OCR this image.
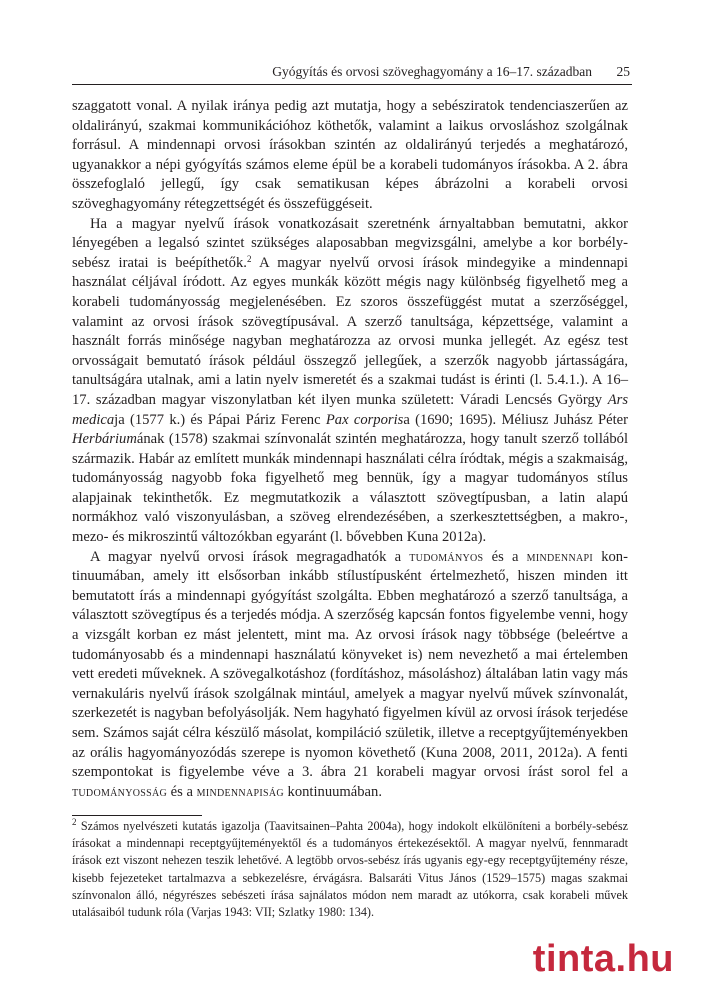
Gyógyítás és orvosi szöveghagyomány a 16–17. században 25

szaggatott vonal. A nyilak iránya pedig azt mutatja, hogy a sebésziratok tendenciaszerűen az oldalirányú, szakmai kommunikációhoz köthetők, valamint a laikus orvosláshoz szolgálnak forrásul. A mindennapi orvosi írásokban szintén az oldalirányú terjedés a meghatározó, ugyanakkor a népi gyógyítás számos eleme épül be a korabeli tudományos írásokba. A 2. ábra összefoglaló jellegű, így csak sematikusan képes ábrázolni a korabeli orvosi szöveghagyomány rétegzettségét és összefüggéseit.

Ha a magyar nyelvű írások vonatkozásait szeretnénk árnyaltabban bemutatni, akkor lényegében a legalsó szintet szükséges alaposabban megvizsgálni, amelybe a kor borbély-sebész iratai is beépíthetők.$^2$ A magyar nyelvű orvosi írások mindegyike a mindennapi használat céljával íródott. Az egyes munkák között mégis nagy különbség figyelhető meg a korabeli tudományosság megjelenésében. Ez szoros összefüggést mutat a szerzőséggel, valamint az orvosi írások szövegtípusával. A szerző tanultsága, képzettsége, valamint a használt forrás minősége nagyban meghatározza az orvosi munka jellegét. Az egész test orvosságait bemutató írások például összegző jellegűek, a szerzők nagyobb jártasságára, tanultságára utalnak, ami a latin nyelv ismeretét és a szakmai tudást is érinti (l. 5.4.1.). A 16–17. században magyar viszonylatban két ilyen munka született: Váradi Lencsés György Ars medicaja (1577 k.) és Pápai Páriz Ferenc Pax corporisa (1690; 1695). Méliusz Juhász Péter Herbáriumának (1578) szakmai színvonalát szintén meghatározza, hogy tanult szerző tollából származik. Habár az említett munkák mindennapi használati célra íródtak, mégis a szakmaiság, tudományosság nagyobb foka figyelhető meg bennük, így a magyar tudományos stílus alapjainak tekinthetők. Ez megmutatkozik a választott szövegtípusban, a latin alapú normákhoz való viszonyulásban, a szöveg elrendezésében, a szerkesztettségben, a makro-, mezo- és mikroszintű változókban egyaránt (l. bővebben Kuna 2012a).

A magyar nyelvű orvosi írások megragadhatók a tudományos és a mindennapi kontinuumában, amely itt elsősorban inkább stílustípusként értelmezhető, hiszen minden itt bemutatott írás a mindennapi gyógyítást szolgálta. Ebben meghatározó a szerző tanultsága, a választott szövegtípus és a terjedés módja. A szerzőség kapcsán fontos figyelembe venni, hogy a vizsgált korban ez mást jelentett, mint ma. Az orvosi írások nagy többsége (beleértve a tudományosabb és a mindennapi használatú könyveket is) nem nevezhető a mai értelemben vett eredeti műveknek. A szövegalkotáshoz (fordításhoz, másoláshoz) általában latin vagy más vernakuláris nyelvű írások szolgálnak mintául, amelyek a magyar nyelvű művek színvonalát, szerkezetét is nagyban befolyásolják. Nem hagyható figyelmen kívül az orvosi írások terjedése sem. Számos saját célra készülő másolat, kompiláció születik, illetve a receptgyűjteményekben az orális hagyományozódás szerepe is nyomon követhető (Kuna 2008, 2011, 2012a). A fenti szempontokat is figyelembe véve a 3. ábra 21 korabeli magyar orvosi írást sorol fel a tudományosság és a mindennapiság kontinuumában.

$^2$ Számos nyelvészeti kutatás igazolja (Taavitsainen–Pahta 2004a), hogy indokolt elkülöníteni a borbély-sebész írásokat a mindennapi receptgyűjteményektől és a tudományos értekezésektől. A magyar nyelvű, fennmaradt írások ezt viszont nehezen teszik lehetővé. A legtöbb orvos-sebész írás ugyanis egy-egy receptgyűjtemény része, kisebb fejezeteket tartalmazva a sebkezelésre, érvágásra. Balsaráti Vitus János (1529–1575) magas szakmai színvonalon álló, négyrészes sebészeti írása sajnálatos módon nem maradt az utókorra, csak korabeli művek utalásaiból tudunk róla (Varjas 1943: VII; Szlatky 1980: 134).

tinta.hu
